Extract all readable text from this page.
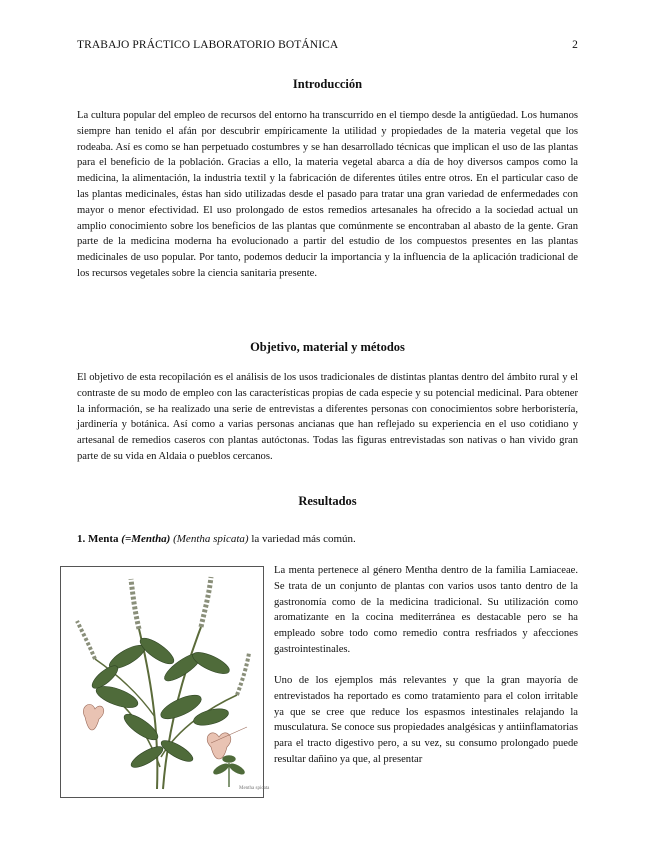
TRABAJO PRÁCTICO LABORATORIO BOTÁNICA	2
Introducción

La cultura popular del empleo de recursos del entorno ha transcurrido en el tiempo desde la antigüedad. Los humanos siempre han tenido el afán por descubrir empíricamente la utilidad y propiedades de la materia vegetal que los rodeaba. Así es como se han perpetuado costumbres y se han desarrollado técnicas que implican el uso de las plantas para el beneficio de la población. Gracias a ello, la materia vegetal abarca a día de hoy diversos campos como la medicina, la alimentación, la industria textil y la fabricación de diferentes útiles entre otros. En el particular caso de las plantas medicinales, éstas han sido utilizadas desde el pasado para tratar una gran variedad de enfermedades con mayor o menor efectividad. El uso prolongado de estos remedios artesanales ha ofrecido a la sociedad actual un amplio conocimiento sobre los beneficios de las plantas que comúnmente se encontraban al abasto de la gente. Gran parte de la medicina moderna ha evolucionado a partir del estudio de los compuestos presentes en las plantas medicinales de uso popular. Por tanto, podemos deducir la importancia y la influencia de la aplicación tradicional de los recursos vegetales sobre la ciencia sanitaria presente.

Objetivo, material y métodos

El objetivo de esta recopilación es el análisis de los usos tradicionales de distintas plantas dentro del ámbito rural y el contraste de su modo de empleo con las características propias de cada especie y su potencial medicinal. Para obtener la información, se ha realizado una serie de entrevistas a diferentes personas con conocimientos sobre herboristería, jardinería y botánica. Así como a varias personas ancianas que han reflejado su experiencia en el uso cotidiano y artesanal de remedios caseros con plantas autóctonas. Todas las figuras entrevistadas son nativas o han vivido gran parte de su vida en Aldaia o pueblos cercanos.

Resultados

1. Menta (=Mentha) (Mentha spicata) la variedad más común.

Mentha spicata

La menta pertenece al género Mentha dentro de la familia Lamiaceae. Se trata de un conjunto de plantas con varios usos tanto dentro de la gastronomía como de la medicina tradicional. Su utilización como aromatizante en la cocina mediterránea es destacable pero se ha empleado sobre todo como remedio contra resfriados y afecciones gastrointestinales.

Uno de los ejemplos más relevantes y que la gran mayoría de entrevistados ha reportado es como tratamiento para el colon irritable ya que se cree que reduce los espasmos intestinales relajando la musculatura. Se conoce sus propiedades analgésicas y antiinflamatorias para el tracto digestivo pero, a su vez, su consumo prolongado puede resultar dañino ya que, al presentar
